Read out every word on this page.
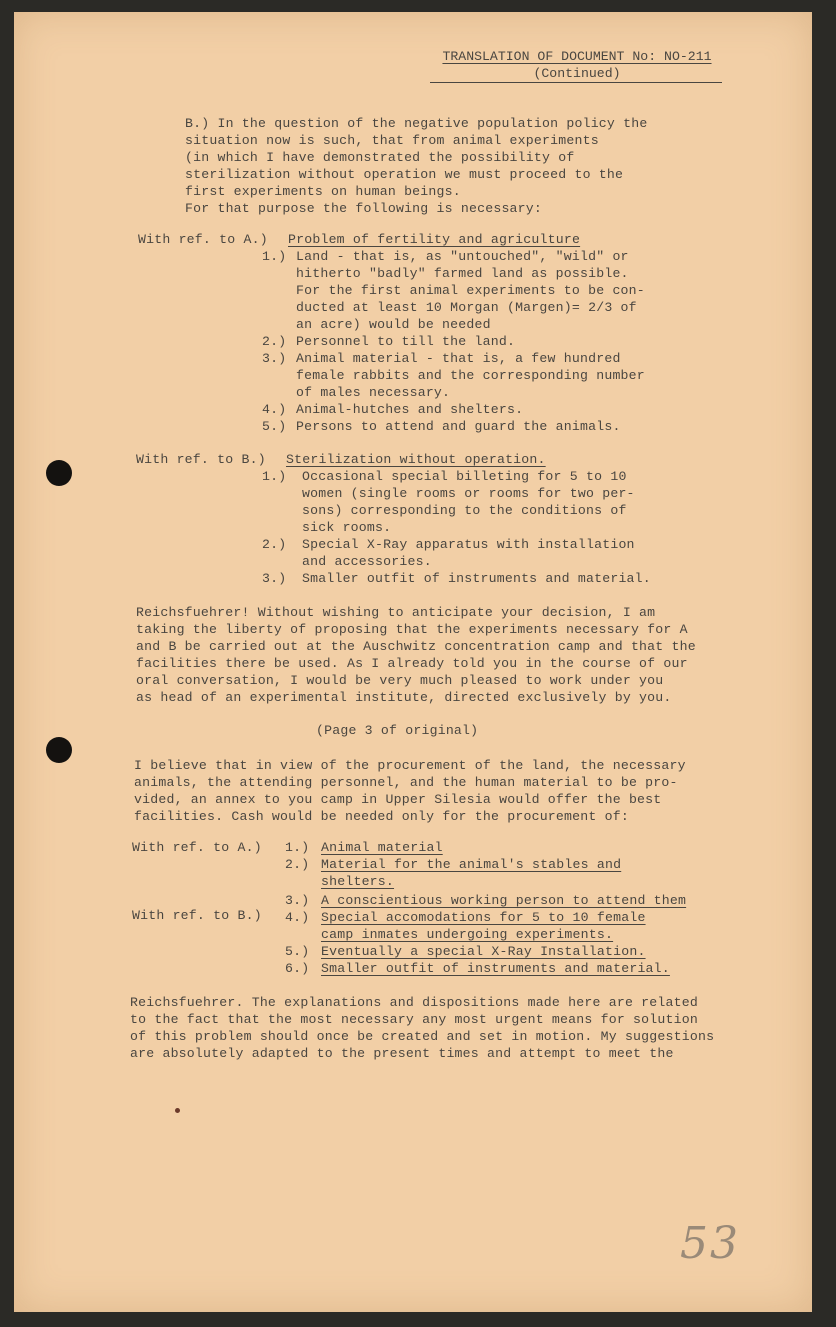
TRANSLATION OF DOCUMENT No: NO-211
(Continued)
B.) In the question of the negative population policy the
situation now is such, that from animal experiments
(in which I have demonstrated the possibility of
sterilization without operation we must proceed to the
first experiments on human beings.
For that purpose the following is necessary:
With ref. to A.) Problem of fertility and agriculture
1.) Land - that is, as "untouched", "wild" or
hitherto "badly" farmed land as possible.
For the first animal experiments to be con-
ducted at least 10 Morgan (Margen)= 2/3 of
an acre) would be needed
2.) Personnel to till the land.
3.) Animal material - that is, a few hundred
female rabbits and the corresponding number
of males necessary.
4.) Animal-hutches and shelters.
5.) Persons to attend and guard the animals.
With ref. to B.) Sterilization without operation.
1.) Occasional special billeting for 5 to 10
women (single rooms or rooms for two per-
sons) corresponding to the conditions of
sick rooms.
2.) Special X-Ray apparatus with installation
and accessories.
3.) Smaller outfit of instruments and material.
Reichsfuehrer! Without wishing to anticipate your decision, I am
taking the liberty of proposing that the experiments necessary for A
and B be carried out at the Auschwitz concentration camp and that the
facilities there be used. As I already told you in the course of our
oral conversation, I would be very much pleased to work under you
as head of an experimental institute, directed exclusively by you.
(Page 3 of original)
I believe that in view of the procurement of the land, the necessary
animals, the attending personnel, and the human material to be pro-
vided, an annex to you camp in Upper Silesia would offer the best
facilities. Cash would be needed only for the procurement of:
With ref. to A.) 1.) Animal material
2.) Material for the animal's stables and
shelters.
3.) A conscientious working person to attend them
With ref. to B.) 4.) Special accomodations for 5 to 10 female
camp inmates undergoing experiments.
5.) Eventually a special X-Ray Installation.
6.) Smaller outfit of instruments and material.
Reichsfuehrer. The explanations and dispositions made here are related
to the fact that the most necessary any most urgent means for solution
of this problem should once be created and set in motion. My suggestions
are absolutely adapted to the present times and attempt to meet the
53
